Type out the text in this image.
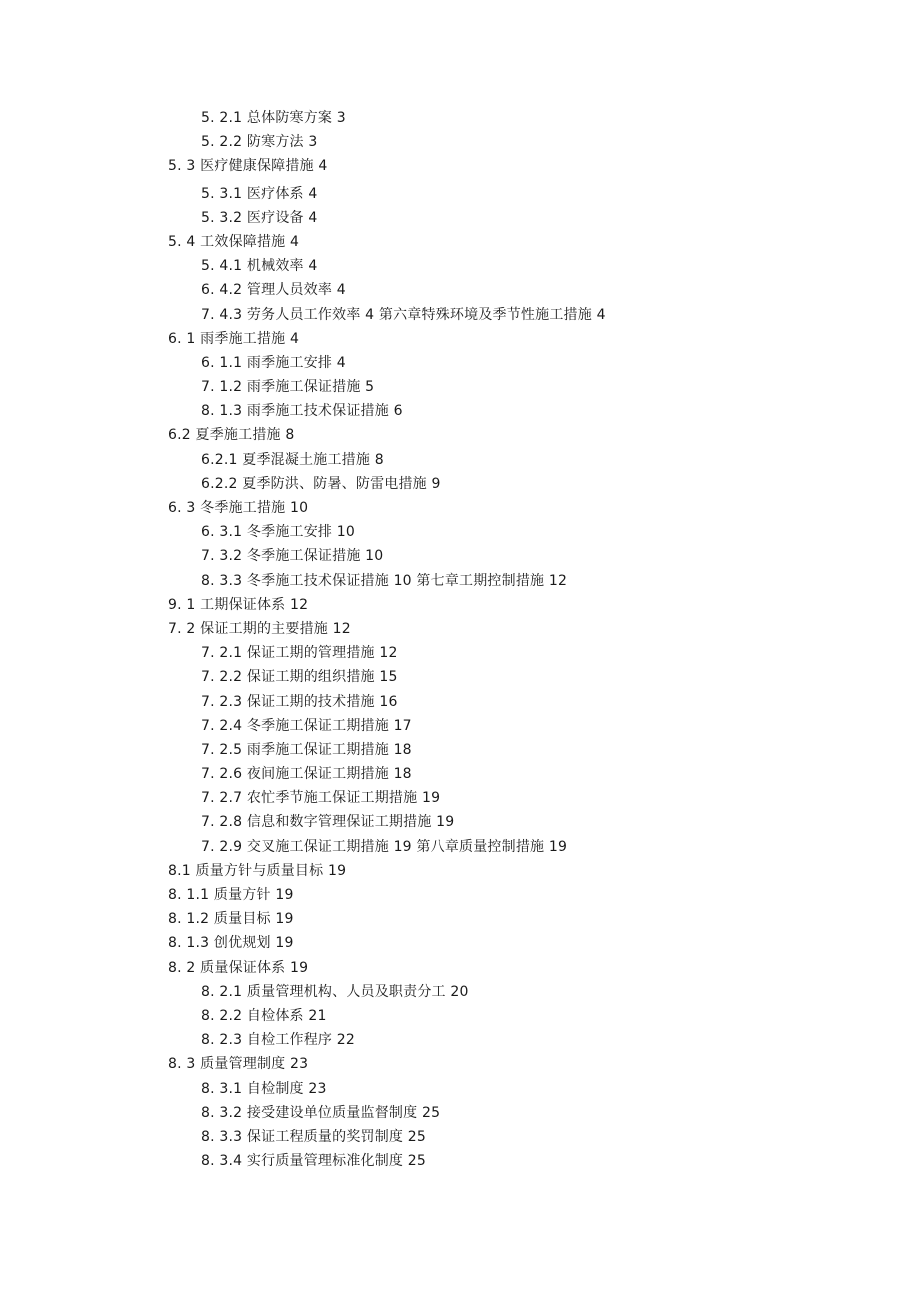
5. 2.1 总体防寒方案 3
5. 2.2 防寒方法 3
5. 3 医疗健康保障措施 4
5. 3.1 医疗体系 4
5. 3.2 医疗设备 4
5. 4 工效保障措施 4
5. 4.1 机械效率 4
6. 4.2 管理人员效率 4
7. 4.3 劳务人员工作效率 4 第六章特殊环境及季节性施工措施 4
6. 1 雨季施工措施 4
6. 1.1 雨季施工安排 4
7. 1.2 雨季施工保证措施 5
8. 1.3 雨季施工技术保证措施 6
6.2 夏季施工措施 8
6.2.1 夏季混凝土施工措施 8
6.2.2 夏季防洪、防暑、防雷电措施 9
6. 3 冬季施工措施 10
6. 3.1 冬季施工安排 10
7. 3.2 冬季施工保证措施 10
8. 3.3 冬季施工技术保证措施 10 第七章工期控制措施 12
9. 1 工期保证体系 12
7. 2 保证工期的主要措施 12
7. 2.1 保证工期的管理措施 12
7. 2.2 保证工期的组织措施 15
7. 2.3 保证工期的技术措施 16
7. 2.4 冬季施工保证工期措施 17
7. 2.5 雨季施工保证工期措施 18
7. 2.6 夜间施工保证工期措施 18
7. 2.7 农忙季节施工保证工期措施 19
7. 2.8 信息和数字管理保证工期措施 19
7. 2.9 交叉施工保证工期措施 19 第八章质量控制措施 19
8.1 质量方针与质量目标 19
8. 1.1 质量方针 19
8. 1.2 质量目标 19
8. 1.3 创优规划 19
8. 2 质量保证体系 19
8. 2.1 质量管理机构、人员及职责分工 20
8. 2.2 自检体系 21
8. 2.3 自检工作程序 22
8. 3 质量管理制度 23
8. 3.1 自检制度 23
8. 3.2 接受建设单位质量监督制度 25
8. 3.3 保证工程质量的奖罚制度 25
8. 3.4 实行质量管理标准化制度 25
